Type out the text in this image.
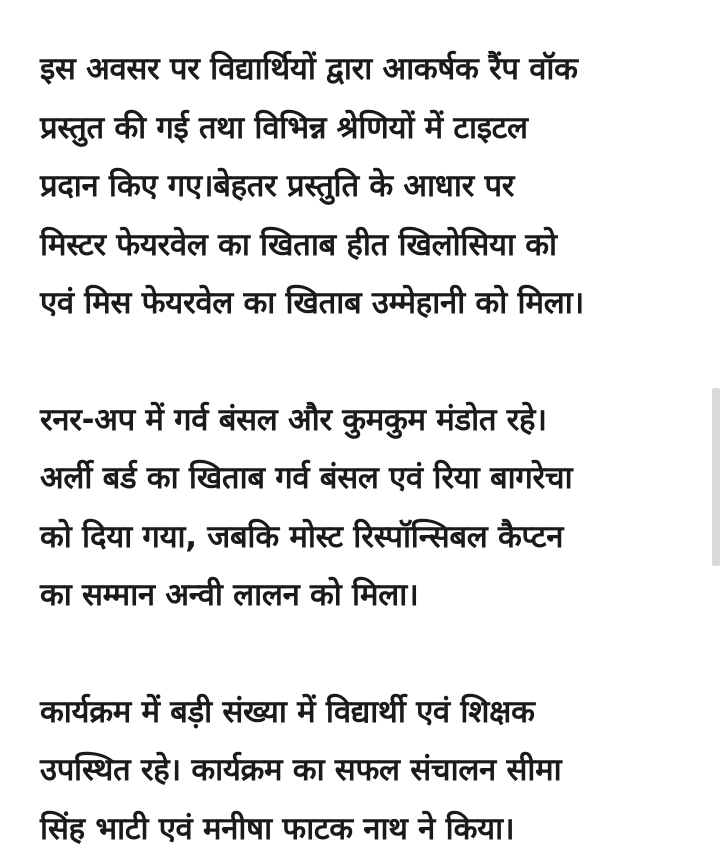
इस अवसर पर विद्यार्थियों द्वारा आकर्षक रैंप वॉक
प्रस्तुत की गई तथा विभिन्न श्रेणियों में टाइटल
प्रदान किए गए।बेहतर प्रस्तुति के आधार पर
मिस्टर फेयरवेल का खिताब हीत खिलोसिया को
एवं मिस फेयरवेल का खिताब उम्मेहानी को मिला।

रनर-अप में गर्व बंसल और कुमकुम मंडोत रहे।
अर्ली बर्ड का खिताब गर्व बंसल एवं रिया बागरेचा
को दिया गया, जबकि मोस्ट रिस्पॉन्सिबल कैप्टन
का सम्मान अन्वी लालन को मिला।

कार्यक्रम में बड़ी संख्या में विद्यार्थी एवं शिक्षक
उपस्थित रहे। कार्यक्रम का सफल संचालन सीमा
सिंह भाटी एवं मनीषा फाटक नाथ ने किया।
